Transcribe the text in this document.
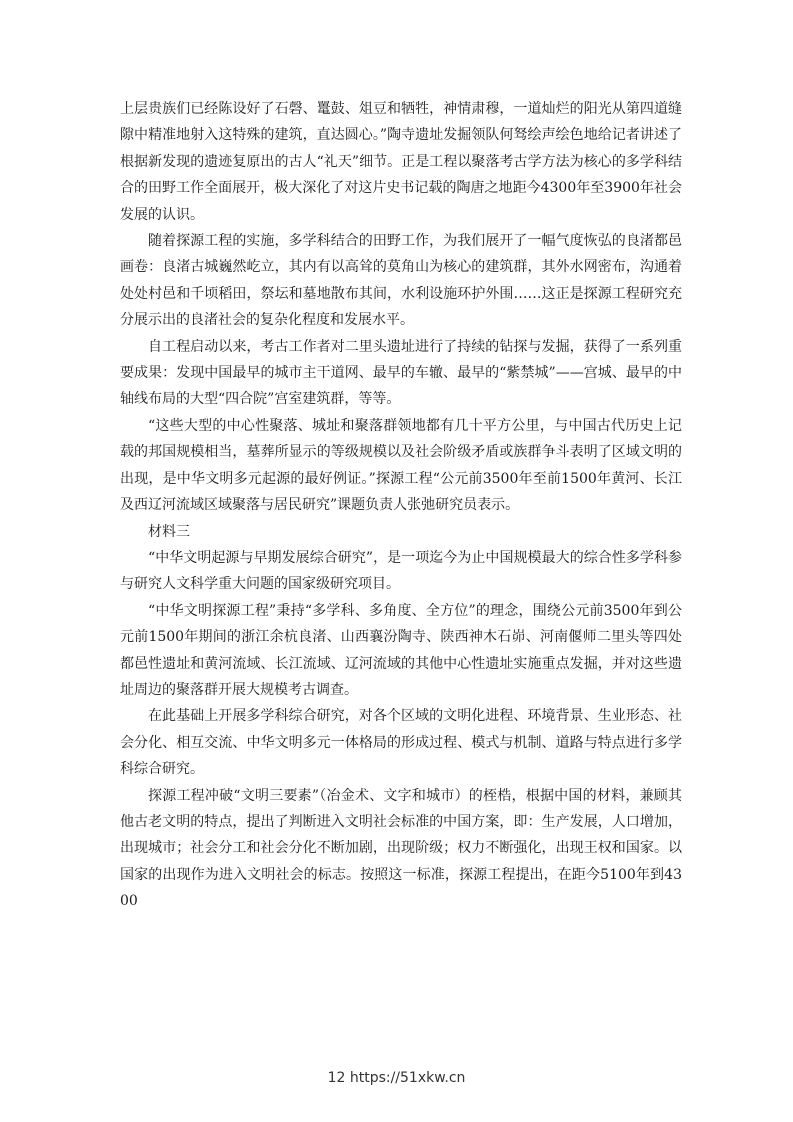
上层贵族们已经陈设好了石磬、鼍鼓、俎豆和牺牲，神情肃穆，一道灿烂的阳光从第四道缝隙中精准地射入这特殊的建筑，直达圆心。”陶寺遗址发掘领队何驽绘声绘色地给记者讲述了根据新发现的遗迹复原出的古人“礼天”细节。正是工程以聚落考古学方法为核心的多学科结合的田野工作全面展开，极大深化了对这片史书记载的陶唐之地距今4300年至3900年社会发展的认识。

随着探源工程的实施，多学科结合的田野工作，为我们展开了一幅气度恢弘的良渚都邑画卷：良渚古城巍然屹立，其内有以高耸的莫角山为核心的建筑群，其外水网密布，沟通着处处村邑和千顷稻田，祭坛和墓地散布其间，水利设施环护外围……这正是探源工程研究充分展示出的良渚社会的复杂化程度和发展水平。

自工程启动以来，考古工作者对二里头遗址进行了持续的钻探与发掘，获得了一系列重要成果：发现中国最早的城市主干道网、最早的车辙、最早的“紫禁城”——宫城、最早的中轴线布局的大型“四合院”宫室建筑群，等等。

“这些大型的中心性聚落、城址和聚落群领地都有几十平方公里，与中国古代历史上记载的邦国规模相当，墓葬所显示的等级规模以及社会阶级矛盾或族群争斗表明了区域文明的出现，是中华文明多元起源的最好例证。”探源工程“公元前3500年至前1500年黄河、长江及西辽河流域区域聚落与居民研究”课题负责人张弛研究员表示。

材料三

“中华文明起源与早期发展综合研究”，是一项迄今为止中国规模最大的综合性多学科参与研究人文科学重大问题的国家级研究项目。

“中华文明探源工程”秉持“多学科、多角度、全方位”的理念，围绕公元前3500年到公元前1500年期间的浙江余杭良渚、山西襄汾陶寺、陕西神木石峁、河南偃师二里头等四处都邑性遗址和黄河流域、长江流域、辽河流域的其他中心性遗址实施重点发掘，并对这些遗址周边的聚落群开展大规模考古调查。

在此基础上开展多学科综合研究，对各个区域的文明化进程、环境背景、生业形态、社会分化、相互交流、中华文明多元一体格局的形成过程、模式与机制、道路与特点进行多学科综合研究。

探源工程冲破“文明三要素”（冶金术、文字和城市）的桎梏，根据中国的材料，兼顾其他古老文明的特点，提出了判断进入文明社会标准的中国方案，即：生产发展，人口增加，出现城市；社会分工和社会分化不断加剧，出现阶级；权力不断强化，出现王权和国家。以国家的出现作为进入文明社会的标志。按照这一标准，探源工程提出，在距今5100年到4300

12 https://51xkw.cn
